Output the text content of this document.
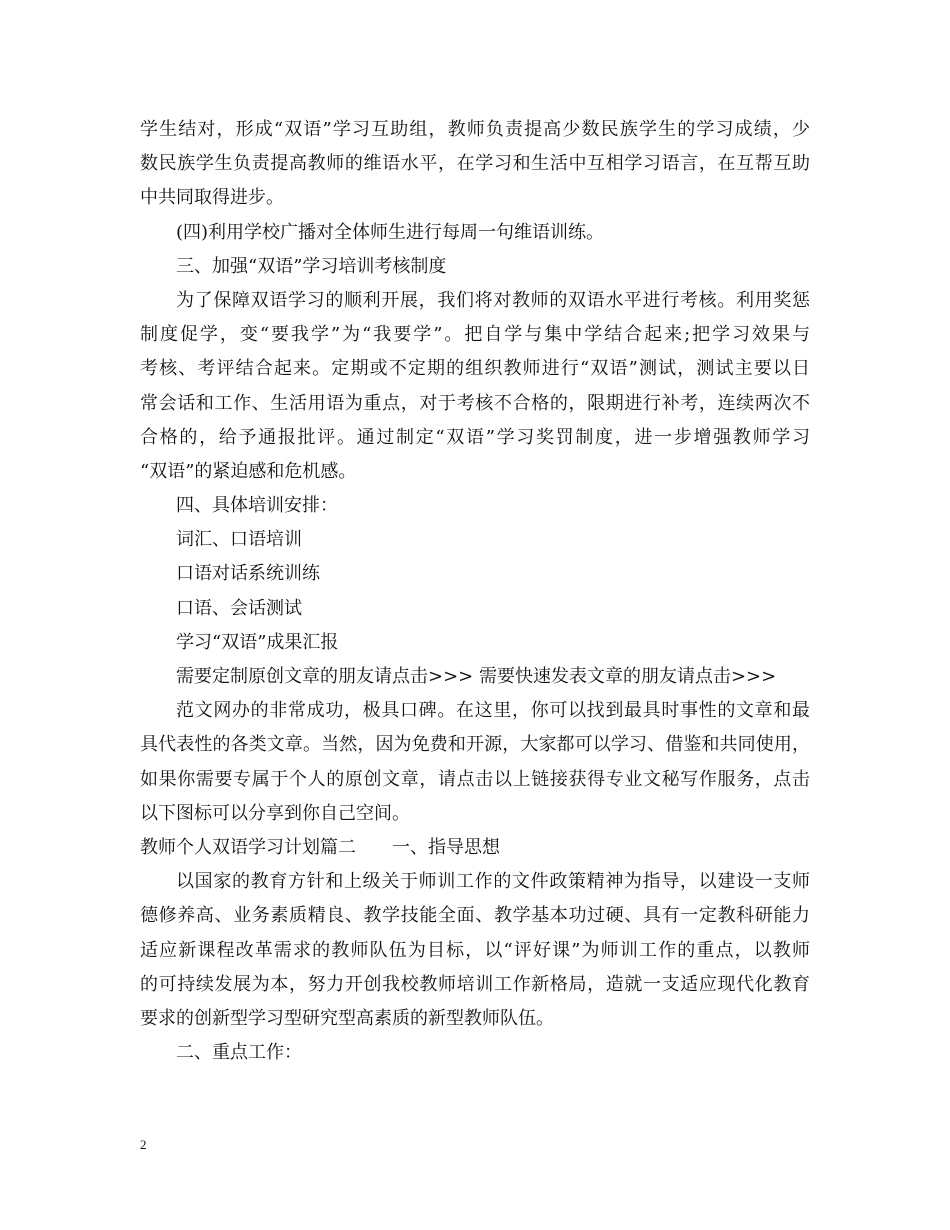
学生结对，形成“双语”学习互助组，教师负责提高少数民族学生的学习成绩，少
数民族学生负责提高教师的维语水平，在学习和生活中互相学习语言，在互帮互助
中共同取得进步。
(四)利用学校广播对全体师生进行每周一句维语训练。
三、加强“双语”学习培训考核制度
为了保障双语学习的顺利开展，我们将对教师的双语水平进行考核。利用奖惩
制度促学，变“要我学”为“我要学”。把自学与集中学结合起来;把学习效果与
考核、考评结合起来。定期或不定期的组织教师进行“双语”测试，测试主要以日
常会话和工作、生活用语为重点，对于考核不合格的，限期进行补考，连续两次不
合格的，给予通报批评。通过制定“双语”学习奖罚制度，进一步增强教师学习
“双语”的紧迫感和危机感。
四、具体培训安排：
词汇、口语培训
口语对话系统训练
口语、会话测试
学习“双语”成果汇报
需要定制原创文章的朋友请点击>>> 需要快速发表文章的朋友请点击>>>
范文网办的非常成功，极具口碑。在这里，你可以找到最具时事性的文章和最
具代表性的各类文章。当然，因为免费和开源，大家都可以学习、借鉴和共同使用，
如果你需要专属于个人的原创文章，请点击以上链接获得专业文秘写作服务，点击
以下图标可以分享到你自己空间。
教师个人双语学习计划篇二　　一、指导思想
以国家的教育方针和上级关于师训工作的文件政策精神为指导，以建设一支师
德修养高、业务素质精良、教学技能全面、教学基本功过硬、具有一定教科研能力
适应新课程改革需求的教师队伍为目标，以“评好课”为师训工作的重点，以教师
的可持续发展为本，努力开创我校教师培训工作新格局，造就一支适应现代化教育
要求的创新型学习型研究型高素质的新型教师队伍。
二、重点工作：
2
